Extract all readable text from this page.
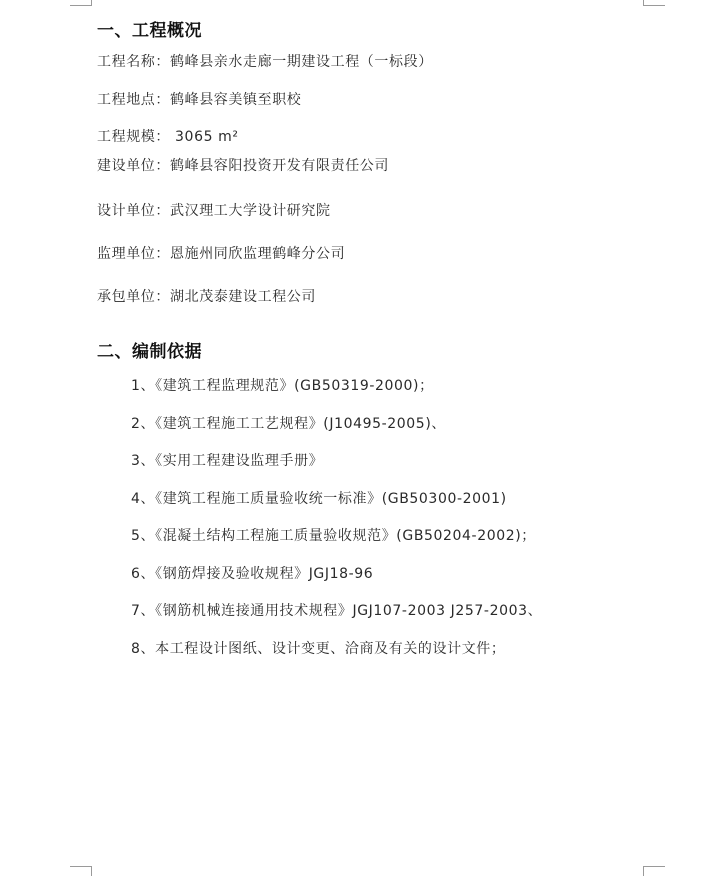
一、工程概况
工程名称：鹤峰县亲水走廊一期建设工程（一标段）
工程地点：鹤峰县容美镇至职校
工程规模： 3065 m²
建设单位：鹤峰县容阳投资开发有限责任公司
设计单位：武汉理工大学设计研究院
监理单位：恩施州同欣监理鹤峰分公司
承包单位：湖北茂泰建设工程公司
二、编制依据
1、《建筑工程监理规范》(GB50319-2000)；
2、《建筑工程施工工艺规程》(J10495-2005)、
3、《实用工程建设监理手册》
4、《建筑工程施工质量验收统一标准》(GB50300-2001)
5、《混凝土结构工程施工质量验收规范》(GB50204-2002)；
6、《钢筋焊接及验收规程》JGJ18-96
7、《钢筋机械连接通用技术规程》JGJ107-2003 J257-2003、
8、本工程设计图纸、设计变更、洽商及有关的设计文件；
